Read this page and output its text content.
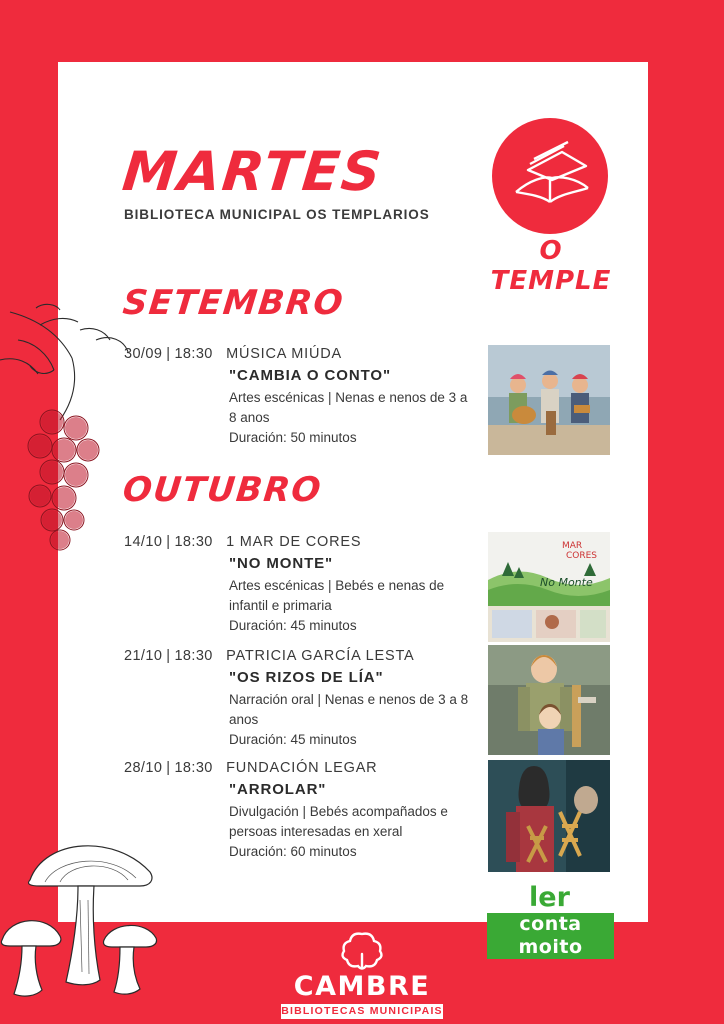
MARTES
BIBLIOTECA MUNICIPAL OS TEMPLARIOS
O TEMPLE
SETEMBRO
OUTUBRO
30/09 | 18:30 MÚSICA MIÚDA
"CAMBIA O CONTO"
Artes escénicas | Nenas e nenos de 3 a 8 anos
Duración: 50 minutos
14/10 | 18:30 1 MAR DE CORES
"NO MONTE"
Artes escénicas | Bebés e nenas de infantil e primaria
Duración: 45 minutos
MAR
CORES
No Monte
21/10 | 18:30 PATRICIA GARCÍA LESTA
"OS RIZOS DE LÍA"
Narración oral | Nenas e nenos de 3 a 8 anos
Duración: 45 minutos
28/10 | 18:30 FUNDACIÓN LEGAR
"ARROLAR"
Divulgación | Bebés acompañados e persoas interesadas en xeral
Duración: 60 minutos
ler
conta moito
CAMBRE
BIBLIOTECAS MUNICIPAIS
